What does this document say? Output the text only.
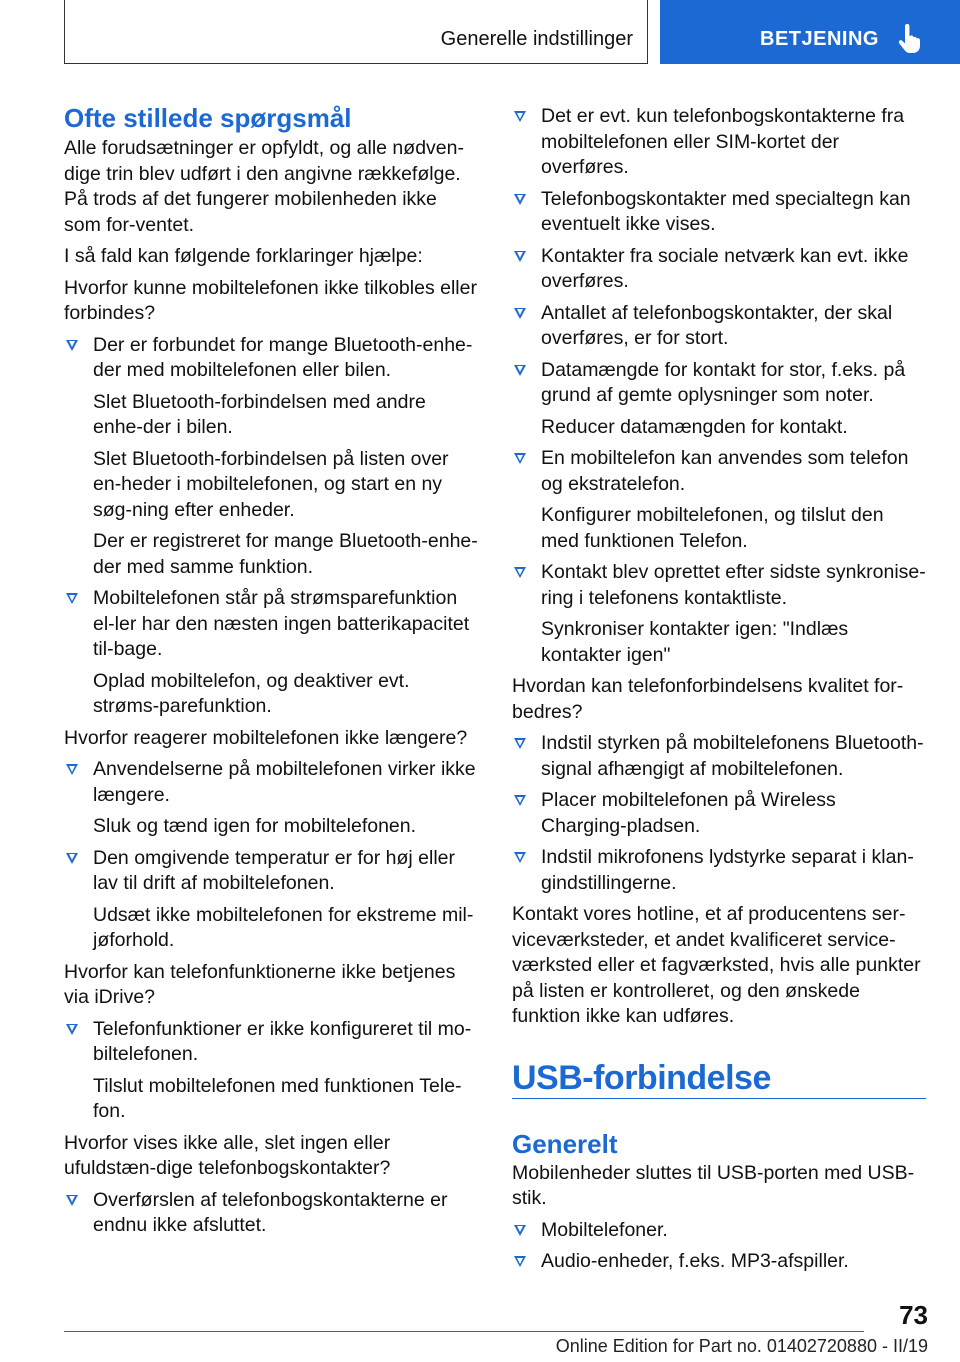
Generelle indstillinger	BETJENING
Ofte stillede spørgsmål

Alle forudsætninger er opfyldt, og alle nødven-dige trin blev udført i den angivne rækkefølge. På trods af det fungerer mobilenheden ikke som for-ventet.

I så fald kan følgende forklaringer hjælpe:

Hvorfor kunne mobiltelefonen ikke tilkobles eller forbindes?

Der er forbundet for mange Bluetooth-enhe-der med mobiltelefonen eller bilen.

Slet Bluetooth-forbindelsen med andre enhe-der i bilen.

Slet Bluetooth-forbindelsen på listen over en-heder i mobiltelefonen, og start en ny søg-ning efter enheder.

Der er registreret for mange Bluetooth-enhe-der med samme funktion.

Mobiltelefonen står på strømsparefunktion el-ler har den næsten ingen batterikapacitet til-bage.

Oplad mobiltelefon, og deaktiver evt. strøms-parefunktion.

Hvorfor reagerer mobiltelefonen ikke længere?

Anvendelserne på mobiltelefonen virker ikke længere.

Sluk og tænd igen for mobiltelefonen.

Den omgivende temperatur er for høj eller lav til drift af mobiltelefonen.

Udsæt ikke mobiltelefonen for ekstreme mil-jøforhold.

Hvorfor kan telefonfunktionerne ikke betjenes via iDrive?

Telefonfunktioner er ikke konfigureret til mo-biltelefonen.

Tilslut mobiltelefonen med funktionen Tele-fon.

Hvorfor vises ikke alle, slet ingen eller ufuldstæn-dige telefonbogskontakter?

Overførslen af telefonbogskontakterne er endnu ikke afsluttet.
Det er evt. kun telefonbogskontakterne fra mobiltelefonen eller SIM-kortet der overføres.
Telefonbogskontakter med specialtegn kan eventuelt ikke vises.
Kontakter fra sociale netværk kan evt. ikke overføres.
Antallet af telefonbogskontakter, der skal overføres, er for stort.
Datamængde for kontakt for stor, f.eks. på grund af gemte oplysninger som noter.

Reducer datamængden for kontakt.

En mobiltelefon kan anvendes som telefon og ekstratelefon.

Konfigurer mobiltelefonen, og tilslut den med funktionen Telefon.

Kontakt blev oprettet efter sidste synkronise-ring i telefonens kontaktliste.

Synkroniser kontakter igen: "Indlæs kontakter igen"

Hvordan kan telefonforbindelsens kvalitet for-bedres?

Indstil styrken på mobiltelefonens Bluetooth-signal afhængigt af mobiltelefonen.
Placer mobiltelefonen på Wireless Charging-pladsen.
Indstil mikrofonens lydstyrke separat i klan-gindstillingerne.

Kontakt vores hotline, et af producentens ser-viceværksteder, et andet kvalificeret service-værksted eller et fagværksted, hvis alle punkter på listen er kontrolleret, og den ønskede funktion ikke kan udføres.

USB-forbindelse
Generelt

Mobilenheder sluttes til USB-porten med USB-stik.

Mobiltelefoner.
Audio-enheder, f.eks. MP3-afspiller.
73
Online Edition for Part no. 01402720880 - II/19
